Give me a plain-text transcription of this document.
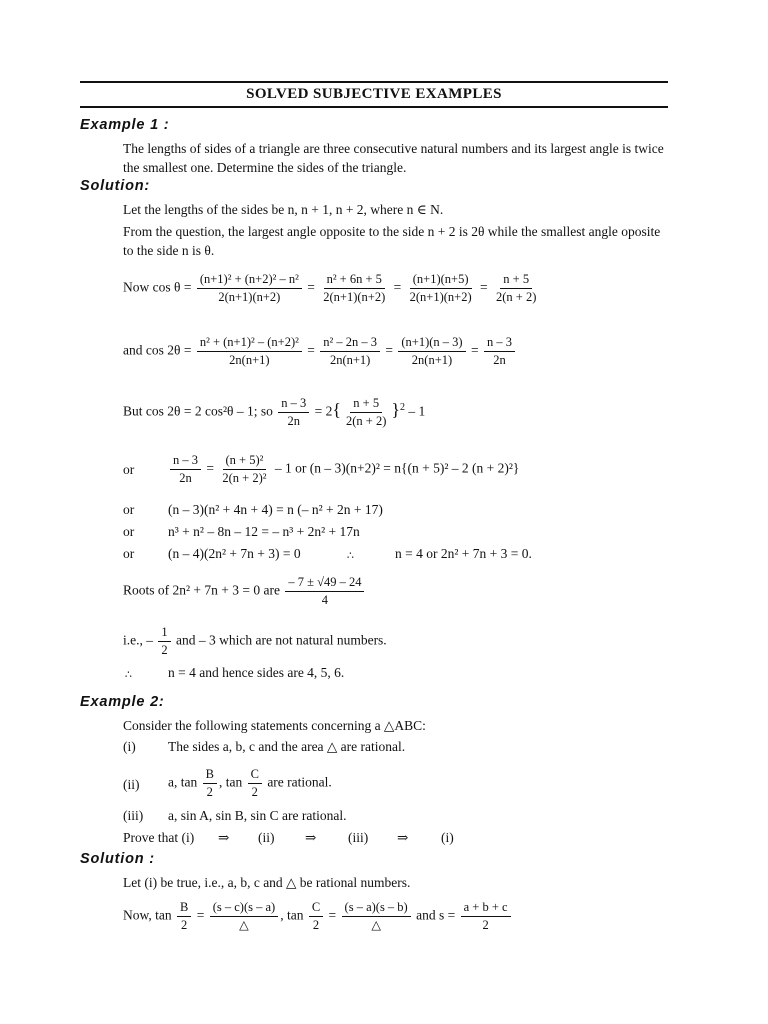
SOLVED SUBJECTIVE EXAMPLES
Example 1 :
The lengths of sides of a triangle are three consecutive natural numbers and its largest angle is twice the smallest one. Determine the sides of the triangle.
Solution:
Let the lengths of the sides be n, n + 1, n + 2, where n ∈ N.
From the question, the largest angle opposite to the side n + 2 is 2θ while the smallest angle oposite to the side n is θ.
Now $\cos \theta = \frac{\text{(n+1)² + (n+2)² – n²}}{2(n+1)(n+2)} = \frac{\text{n² + 6n + 5}}{2(n+1)(n+2)} = \frac{(n+1)(n+5)}{2(n+1)(n+2)} = \frac{n + 5}{2(n + 2)}$
and $\cos 2\theta = \frac{\text{n² + (n+1)² – (n+2)²}}{2n(n+1)} = \frac{\text{n² – 2n – 3}}{2n(n+1)} = \frac{(n+1)(n - 3)}{2n(n+1)} = \frac{n - 3}{2n}$
But cos 2θ = 2 cos²θ – 1; so $\frac{n - 3}{2n} = 2\{ \frac{n + 5}{2(n + 2)} \}^2 - 1$
or	$\frac{n - 3}{2n} = \frac{\text{(n + 5)²}}{\text{2(n + 2)²}} - 1$ or (n – 3)(n+2)² = n{(n + 5)² – 2 (n + 2)²}
or	(n – 3)(n² + 4n + 4) = n (– n² + 2n + 17)
or	n³ + n² – 8n – 12 = – n³ + 2n² + 17n
or	(n – 4)(2n² + 7n + 3) = 0	∴	n = 4 or 2n² + 7n + 3 = 0.
Roots of 2n² + 7n + 3 = 0 are $\frac{- 7 \pm √49 - 24}{4}$
i.e., – $\frac{1}{2}$ and – 3 which are not natural numbers.
∴	n = 4 and hence sides are 4, 5, 6.
Example 2:
Consider the following statements concerning a △ABC:
(i) The sides a, b, c and the area △ are rational.
(ii) a, $\tan \frac{B}{2}$ , $\tan \frac{C}{2}$ are rational.
(iii) a, sin A, sin B, sin C are rational.
Prove that (i) ⇒ (ii) ⇒ (iii) ⇒ (i)
Solution :
Let (i) be true, i.e., a, b, c and △ be rational numbers.
Now, $\tan \frac{B}{2} = \frac{(s - c)(s - a)}{\triangle}$ , $\tan \frac{C}{2} = \frac{(s - a)(s - b)}{\triangle}$ and $s = \frac{a + b + c}{2}$
